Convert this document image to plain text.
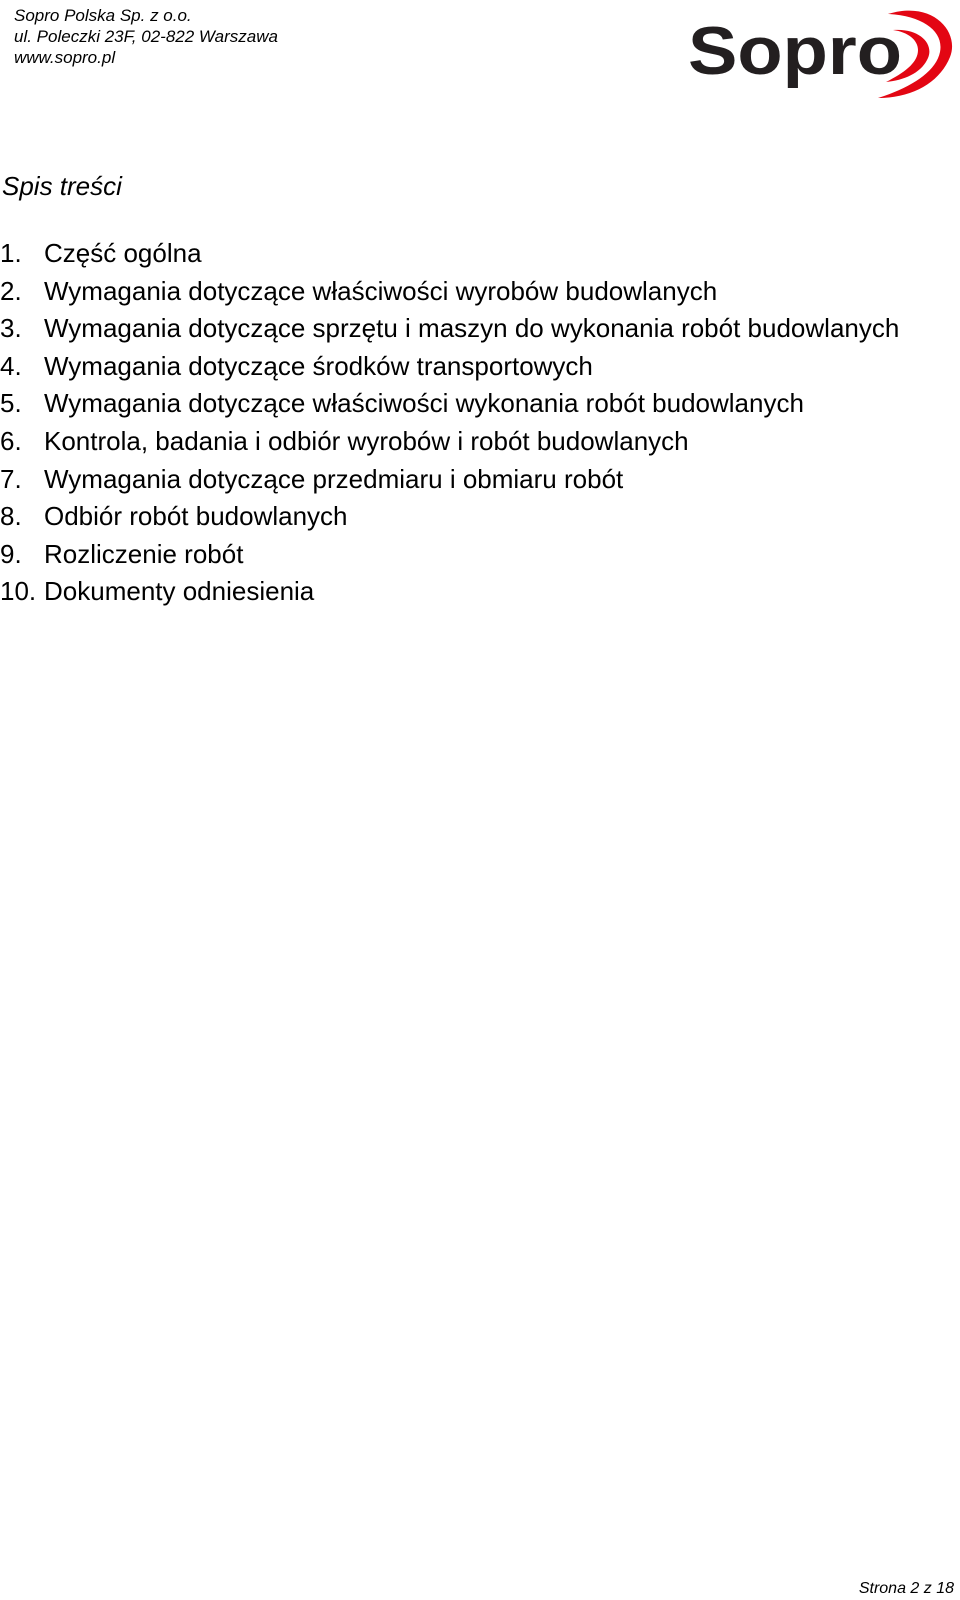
Sopro Polska Sp. z o.o.
ul. Poleczki 23F, 02-822 Warszawa
www.sopro.pl	Sopro
Spis treści
1. Część ogólna
2. Wymagania dotyczące właściwości wyrobów budowlanych
3. Wymagania dotyczące sprzętu i maszyn do wykonania robót budowlanych
4. Wymagania dotyczące środków transportowych
5. Wymagania dotyczące właściwości wykonania robót budowlanych
6. Kontrola, badania i odbiór wyrobów i robót budowlanych
7. Wymagania dotyczące przedmiaru i obmiaru robót
8. Odbiór robót budowlanych
9. Rozliczenie robót
10. Dokumenty odniesienia
Strona 2 z 18
